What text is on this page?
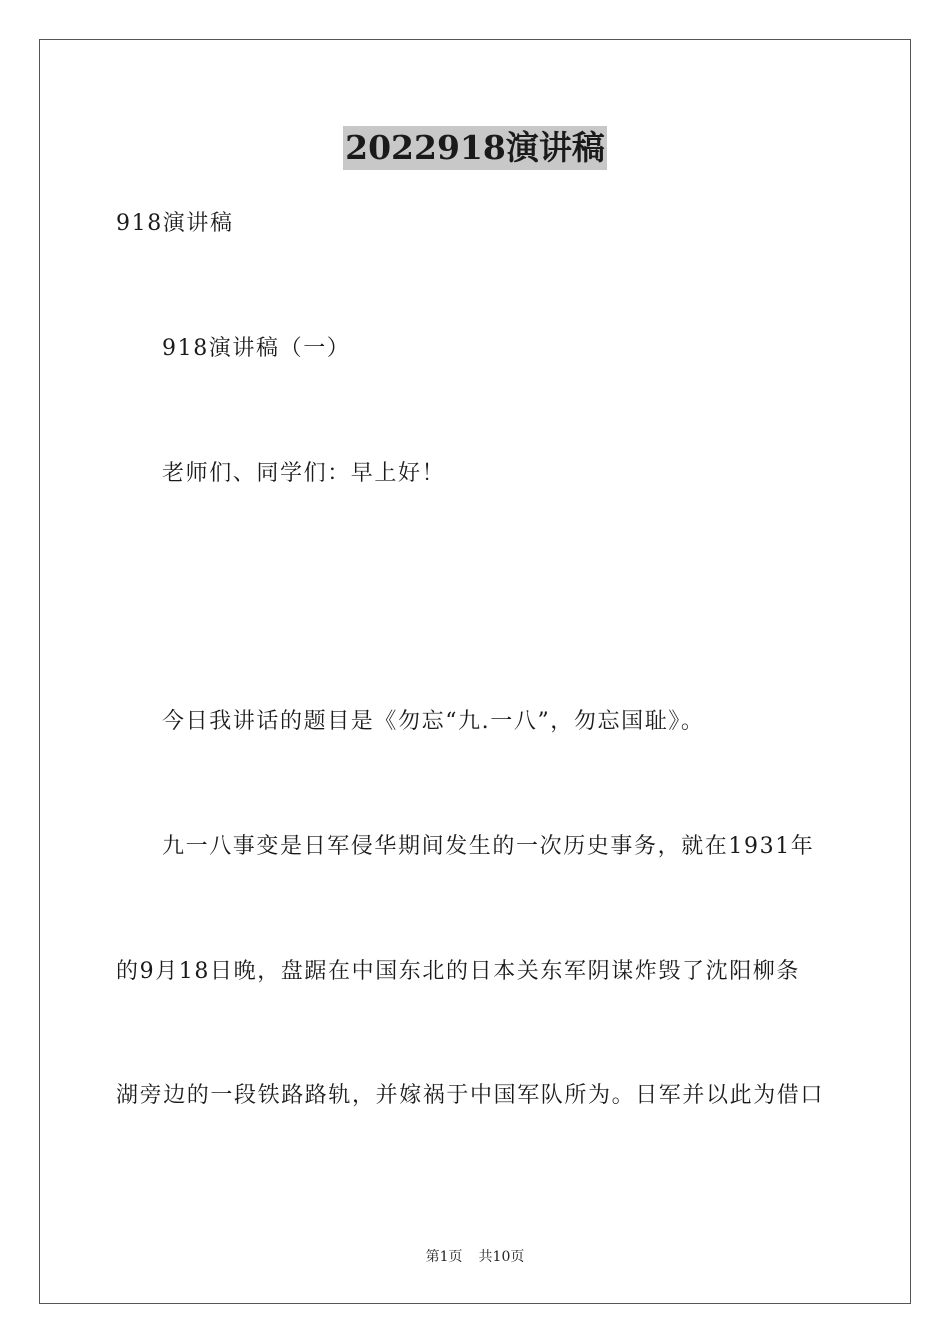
2022918演讲稿
918演讲稿
918演讲稿（一）
老师们、同学们：早上好！
今日我讲话的题目是《勿忘“九.一八”，勿忘国耻》。
九一八事变是日军侵华期间发生的一次历史事务，就在1931年
的9月18日晚，盘踞在中国东北的日本关东军阴谋炸毁了沈阳柳条
湖旁边的一段铁路路轨，并嫁祸于中国军队所为。日军并以此为借口
第1页 共10页
